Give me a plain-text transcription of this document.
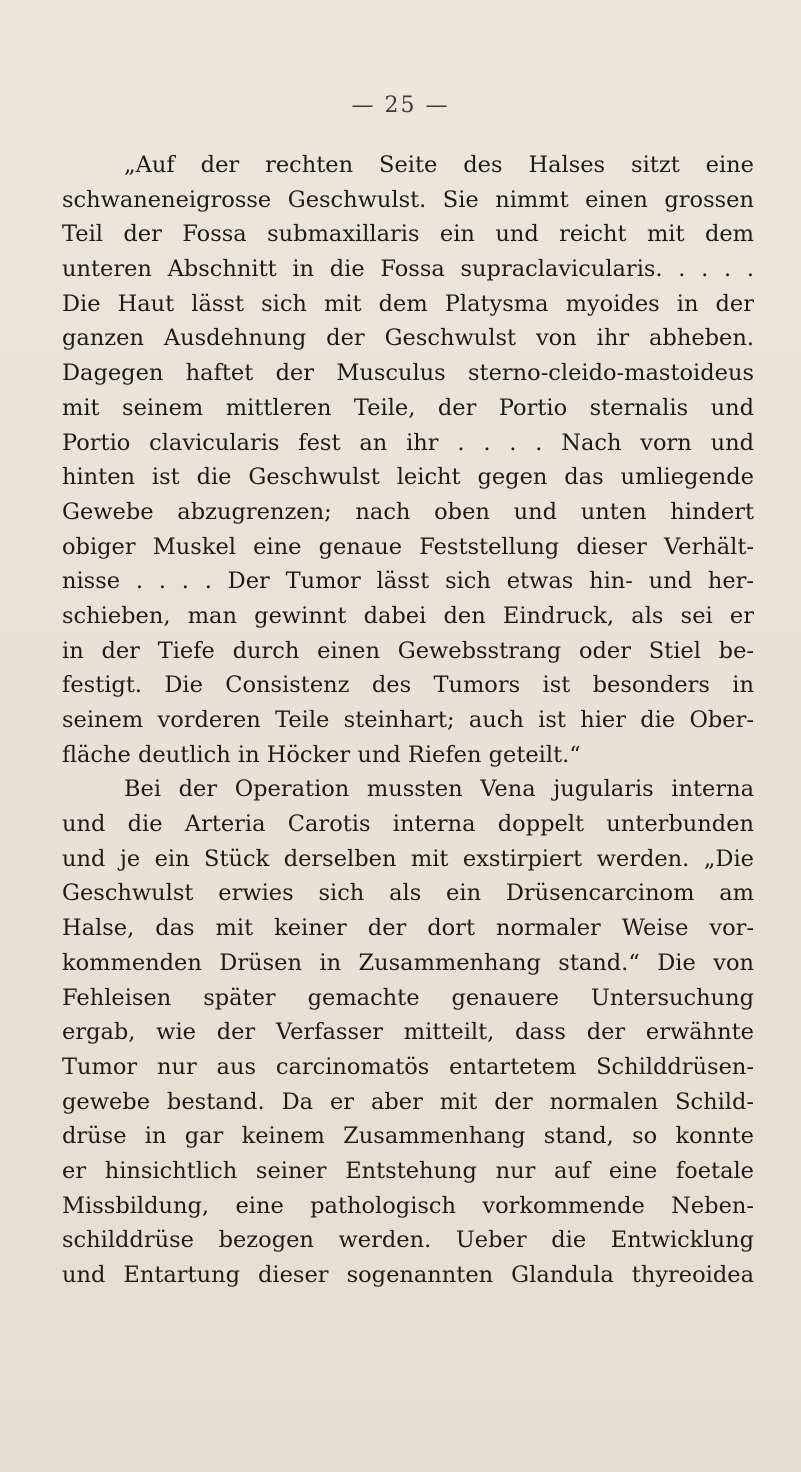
— 25 —
„Auf der rechten Seite des Halses sitzt eine
schwaneneigrosse Geschwulst. Sie nimmt einen grossen
Teil der Fossa submaxillaris ein und reicht mit dem
unteren Abschnitt in die Fossa supraclavicularis. . . . .
Die Haut lässt sich mit dem Platysma myoides in der
ganzen Ausdehnung der Geschwulst von ihr abheben.
Dagegen haftet der Musculus sterno-cleido-mastoideus
mit seinem mittleren Teile, der Portio sternalis und
Portio clavicularis fest an ihr . . . . Nach vorn und
hinten ist die Geschwulst leicht gegen das umliegende
Gewebe abzugrenzen; nach oben und unten hindert
obiger Muskel eine genaue Feststellung dieser Verhält-
nisse . . . . Der Tumor lässt sich etwas hin- und her-
schieben, man gewinnt dabei den Eindruck, als sei er
in der Tiefe durch einen Gewebsstrang oder Stiel be-
festigt. Die Consistenz des Tumors ist besonders in
seinem vorderen Teile steinhart; auch ist hier die Ober-
fläche deutlich in Höcker und Riefen geteilt.“
Bei der Operation mussten Vena jugularis interna
und die Arteria Carotis interna doppelt unterbunden
und je ein Stück derselben mit exstirpiert werden. „Die
Geschwulst erwies sich als ein Drüsencarcinom am
Halse, das mit keiner der dort normaler Weise vor-
kommenden Drüsen in Zusammenhang stand.“ Die von
Fehleisen später gemachte genauere Untersuchung
ergab, wie der Verfasser mitteilt, dass der erwähnte
Tumor nur aus carcinomatös entartetem Schilddrüsen-
gewebe bestand. Da er aber mit der normalen Schild-
drüse in gar keinem Zusammenhang stand, so konnte
er hinsichtlich seiner Entstehung nur auf eine foetale
Missbildung, eine pathologisch vorkommende Neben-
schilddrüse bezogen werden. Ueber die Entwicklung
und Entartung dieser sogenannten Glandula thyreoidea
